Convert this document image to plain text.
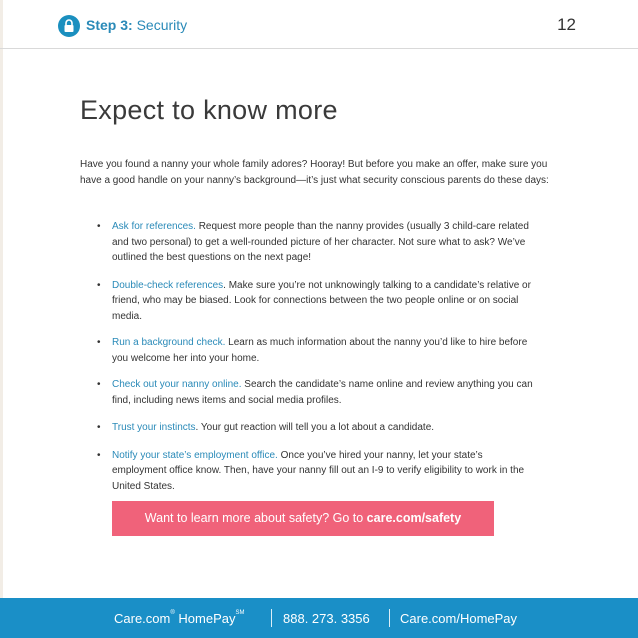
Step 3: Security	12
Expect to know more

Have you found a nanny your whole family adores? Hooray! But before you make an offer, make sure you have a good handle on your nanny’s background—it’s just what security conscious parents do these days:

• Ask for references. Request more people than the nanny provides (usually 3 child-care related and two personal) to get a well-rounded picture of her character. Not sure what to ask? We’ve outlined the best questions on the next page!
• Double-check references. Make sure you’re not unknowingly talking to a candidate’s relative or friend, who may be biased. Look for connections between the two people online or on social media.
• Run a background check. Learn as much information about the nanny you’d like to hire before you welcome her into your home.
• Check out your nanny online. Search the candidate’s name online and review anything you can find, including news items and social media profiles.
• Trust your instincts. Your gut reaction will tell you a lot about a candidate.
• Notify your state’s employment office. Once you’ve hired your nanny, let your state’s employment office know. Then, have your nanny fill out an I-9 to verify eligibility to work in the United States.
Want to learn more about safety? Go to care.com/safety
Care.com® HomePay℠	888. 273. 3356 Care.com/HomePay
